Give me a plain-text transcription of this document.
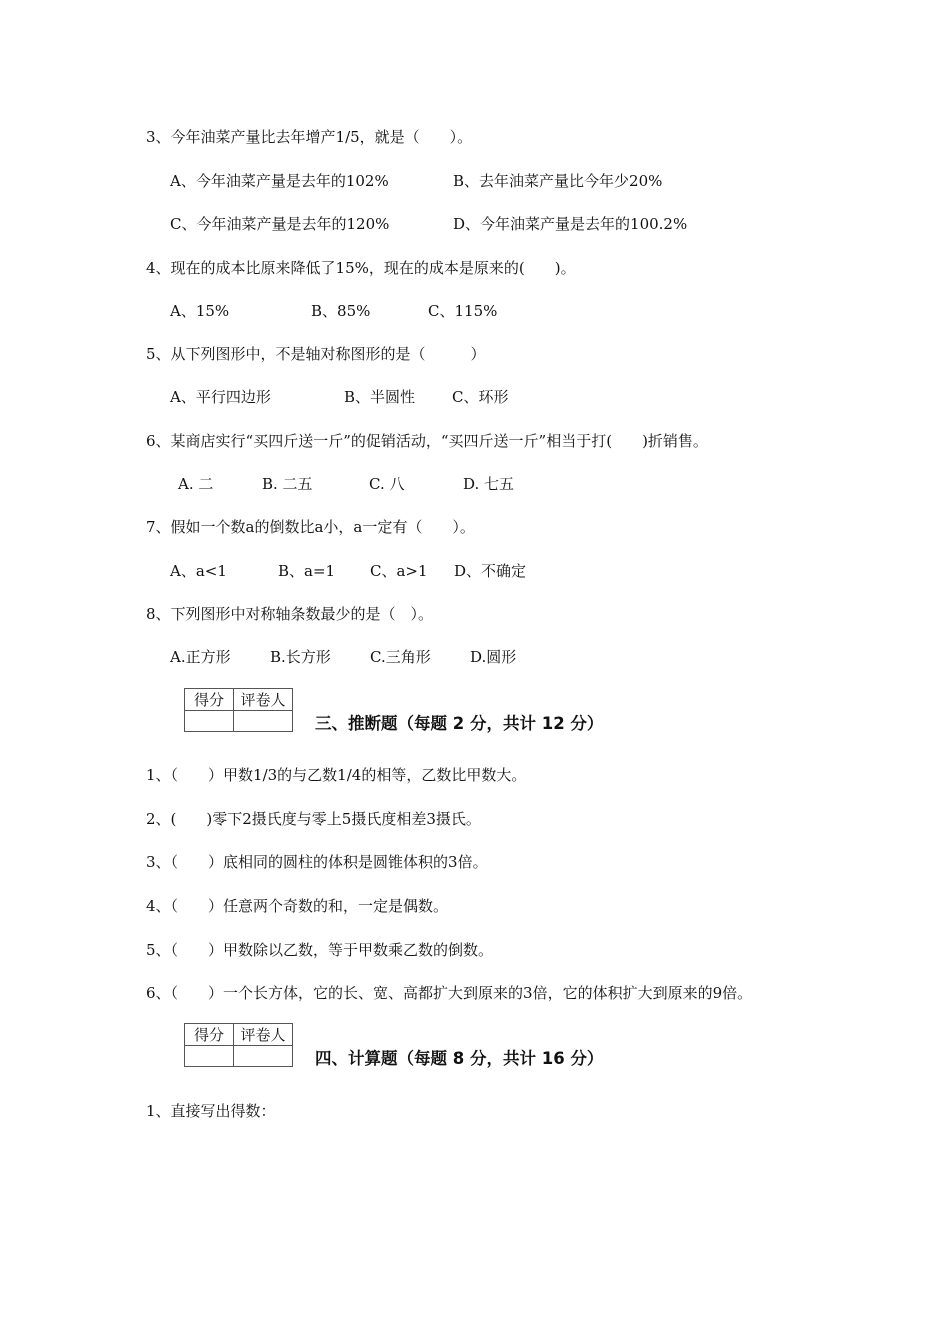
3、今年油菜产量比去年增产1/5，就是（　　）。
A、今年油菜产量是去年的102%	B、去年油菜产量比今年少20%
C、今年油菜产量是去年的120%	D、今年油菜产量是去年的100.2%
4、现在的成本比原来降低了15%，现在的成本是原来的(　　)。
A、15%	B、85%	C、115%
5、从下列图形中，不是轴对称图形的是（　　　）
A、平行四边形	B、半圆性 C、环形
6、某商店实行“买四斤送一斤”的促销活动，“买四斤送一斤”相当于打(　　)折销售。
A. 二	B. 二五	C. 八	D. 七五
7、假如一个数a的倒数比a小，a一定有（　　）。
A、a<1	B、a=1 C、a>1 D、不确定
8、下列图形中对称轴条数最少的是（　）。
A.正方形	B.长方形	C.三角形	D.圆形
得分	评卷人

三、推断题（每题 2 分，共计 12 分）
1、（　　）甲数1/3的与乙数1/4的相等，乙数比甲数大。
2、(　　)零下2摄氏度与零上5摄氏度相差3摄氏。
3、（　　）底相同的圆柱的体积是圆锥体积的3倍。
4、（　　）任意两个奇数的和，一定是偶数。
5、（　　）甲数除以乙数，等于甲数乘乙数的倒数。
6、（　　）一个长方体，它的长、宽、高都扩大到原来的3倍，它的体积扩大到原来的9倍。
得分	评卷人

四、计算题（每题 8 分，共计 16 分）
1、直接写出得数：
